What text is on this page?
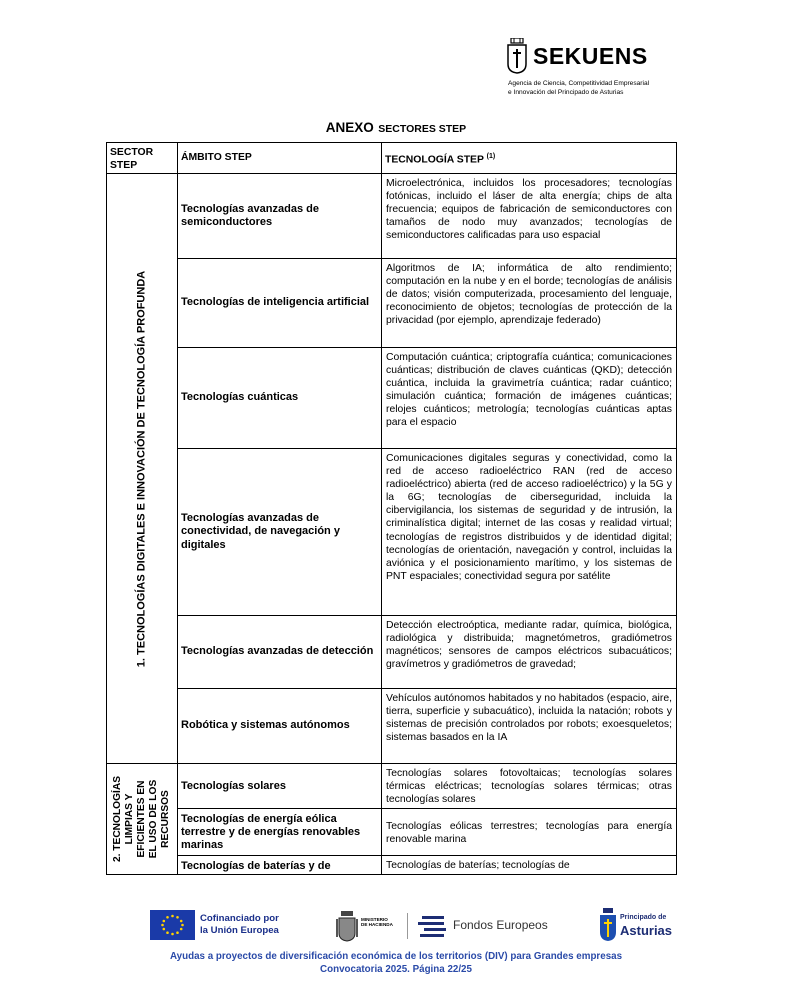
SEKUENS
Agencia de Ciencia, Competitividad Empresarial
e Innovación del Principado de Asturias
ANEXO SECTORES STEP
SECTOR STEP	ÁMBITO STEP	TECNOLOGÍA STEP $^{(1)}$

1. TECNOLOGÍAS DIGITALES E INNOVACIÓN DE TECNOLOGÍA PROFUNDA	Tecnologías avanzadas de semiconductores	Microelectrónica, incluidos los procesadores; tecnologías fotónicas, incluido el láser de alta energía; chips de alta frecuencia; equipos de fabricación de semiconductores con tamaños de nodo muy avanzados; tecnologías de semiconductores calificadas para uso espacial
	Tecnologías de inteligencia artificial	Algoritmos de IA; informática de alto rendimiento; computación en la nube y en el borde; tecnologías de análisis de datos; visión computerizada, procesamiento del lenguaje, reconocimiento de objetos; tecnologías de protección de la privacidad (por ejemplo, aprendizaje federado)
	Tecnologías cuánticas	Computación cuántica; criptografía cuántica; comunicaciones cuánticas; distribución de claves cuánticas (QKD); detección cuántica, incluida la gravimetría cuántica; radar cuántico; simulación cuántica; formación de imágenes cuánticas; relojes cuánticos; metrología; tecnologías cuánticas aptas para el espacio
	Tecnologías avanzadas de conectividad, de navegación y digitales	Comunicaciones digitales seguras y conectividad, como la red de acceso radioeléctrico RAN (red de acceso radioeléctrico) abierta (red de acceso radioeléctrico) y la 5G y la 6G; tecnologías de ciberseguridad, incluida la cibervigilancia, los sistemas de seguridad y de intrusión, la criminalística digital; internet de las cosas y realidad virtual; tecnologías de registros distribuidos y de identidad digital; tecnologías de orientación, navegación y control, incluidas la aviónica y el posicionamiento marítimo, y los sistemas de PNT espaciales; conectividad segura por satélite
	Tecnologías avanzadas de detección	Detección electroóptica, mediante radar, química, biológica, radiológica y distribuida; magnetómetros, gradiómetros magnéticos; sensores de campos eléctricos subacuáticos; gravímetros y gradiómetros de gravedad;
	Robótica y sistemas autónomos	Vehículos autónomos habitados y no habitados (espacio, aire, tierra, superficie y subacuático), incluida la natación; robots y sistemas de precisión controlados por robots; exoesqueletos; sistemas basados en la IA

2. TECNOLOGÍAS LIMPIAS Y EFICIENTES EN EL USO DE LOS RECURSOS	Tecnologías solares	Tecnologías solares fotovoltaicas; tecnologías solares térmicas eléctricas; tecnologías solares térmicas; otras tecnologías solares
	Tecnologías de energía eólica terrestre y de energías renovables marinas	Tecnologías eólicas terrestres; tecnologías para energía renovable marina
	Tecnologías de baterías y de	Tecnologías de baterías; tecnologías de
Cofinanciado por
la Unión Europea
MINISTERIO
DE HACIENDA	Fondos Europeos
Principado de
Asturias
Ayudas a proyectos de diversificación económica de los territorios (DIV) para Grandes empresas
Convocatoria 2025. Página 22/25
